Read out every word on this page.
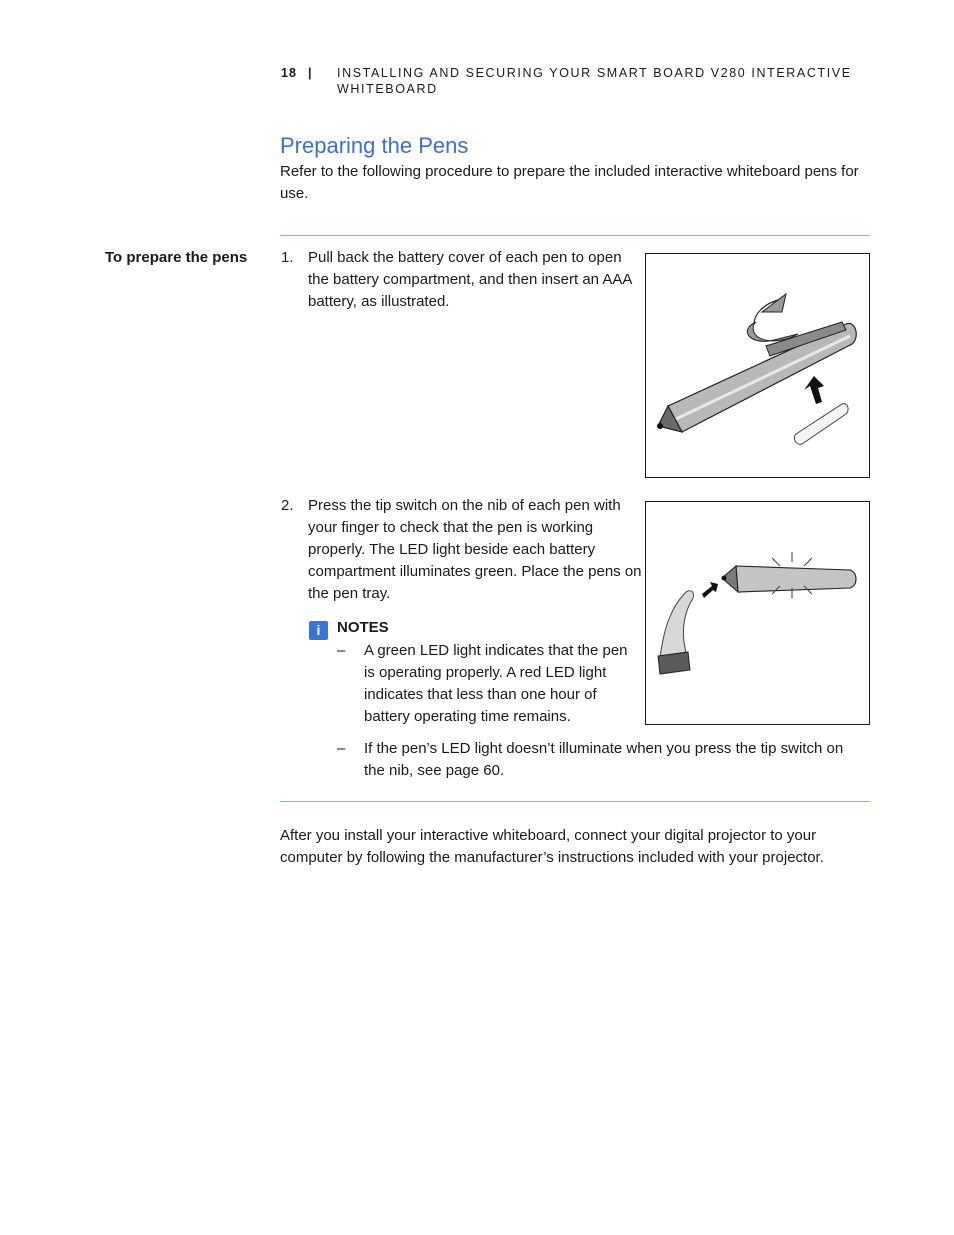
18 | INSTALLING AND SECURING YOUR SMART BOARD V280 INTERACTIVE WHITEBOARD
Preparing the Pens
Refer to the following procedure to prepare the included interactive whiteboard pens for use.
To prepare the pens 1. Pull back the battery cover of each pen to open the battery compartment, and then insert an AAA battery, as illustrated.
2. Press the tip switch on the nib of each pen with your finger to check that the pen is working properly. The LED light beside each battery compartment illuminates green. Place the pens on the pen tray.
i	NOTES
– A green LED light indicates that the pen is operating properly. A red LED light indicates that less than one hour of battery operating time remains.
– If the pen’s LED light doesn’t illuminate when you press the tip switch on the nib, see page 60.
After you install your interactive whiteboard, connect your digital projector to your computer by following the manufacturer’s instructions included with your projector.
